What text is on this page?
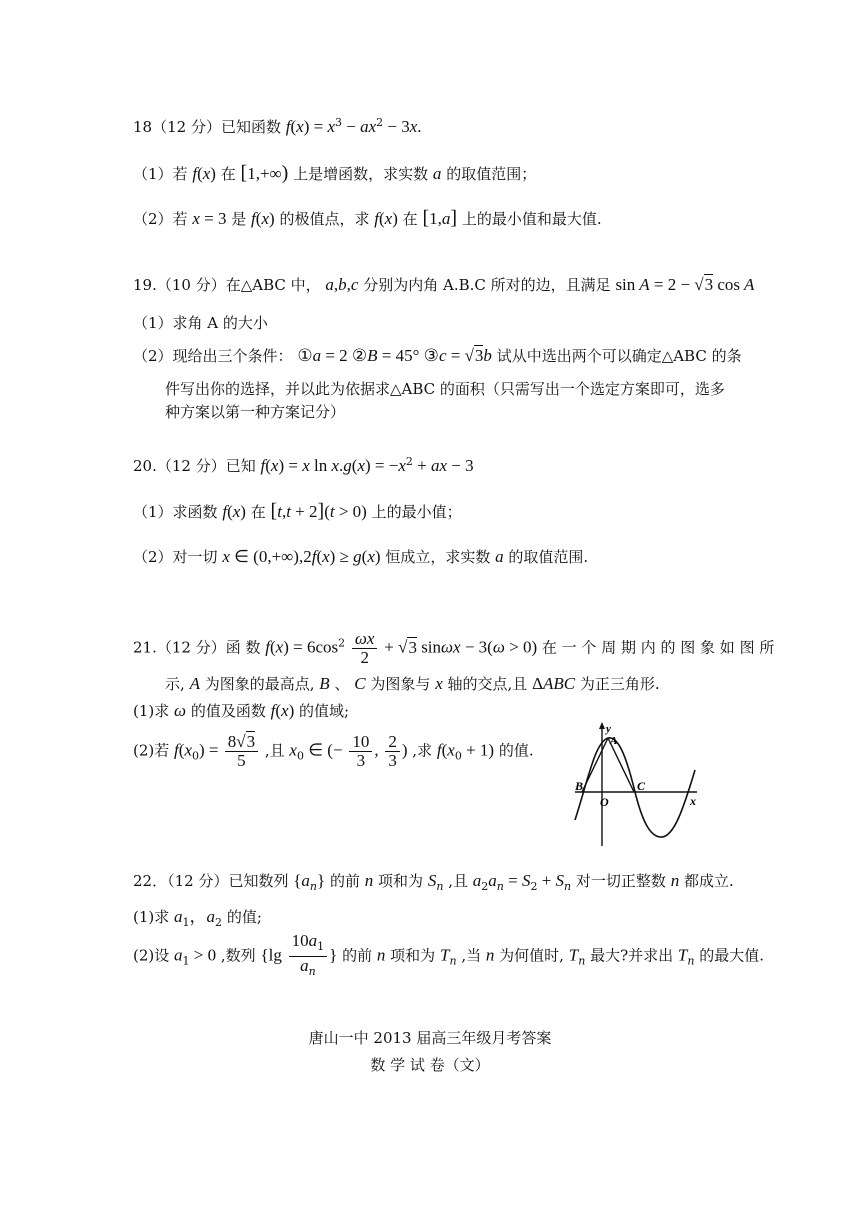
18（12 分）已知函数 $f(x) = x^3 - ax^2 - 3x$.
（1）若 f(x) 在 [1,+∞) 上是增函数，求实数 a 的取值范围；
（2）若 x = 3 是 f(x) 的极值点，求 f(x) 在 [1,a] 上的最小值和最大值.
19.（10 分）在△ABC 中， a,b,c 分别为内角 A.B.C 所对的边，且满足 sin A = 2 − √3 cos A
（1）求角 A 的大小
（2）现给出三个条件： ①a = 2 ②B = 45° ③c = √3b 试从中选出两个可以确定△ABC 的条
件写出你的选择，并以此为依据求△ABC 的面积（只需写出一个选定方案即可，选多
种方案以第一种方案记分）
20.（12 分）已知 f(x) = x $\ln x.g(x) = -x^2$ + ax − 3
（1）求函数 f(x) 在 [t,t + 2](t > 0) 上的最小值；
（2）对一切 x ∈ (0,+∞),2f(x) ≥ g(x) 恒成立，求实数 a 的取值范围.
21.（12 分）函 数 $f(x) = 6\cos^2 \frac{\omega x}{2} + √3$ sinωx − 3(ω > 0) 在 一 个 周 期 内 的 图 象 如 图 所
示, A 为图象的最高点, B 、 C 为图象与 x 轴的交点,且 ΔABC 为正三角形.
(1)求 ω 的值及函数 f(x) 的值域;
(2)若 $f(x_0) = \frac{8√3}{5}$ ,且 $x_0$ ∈ (− $\frac{10}{3}$ , $\frac{2}{3}$ ) ,求 $f(x_0 + 1)$ 的值.
y
A
B	C
O	x
22．（12 分）已知数列 $\{a_n\}$ 的前 n 项和为 $S_n$ ,且 $a_2a_n = S_2 + S_n$ 对一切正整数 n 都成立.
(1)求 $a_1$，$a_2$ 的值;
(2)设 $a_1 > 0$ ,数列 {$\lg \frac{10a_1}{a_n}$ } 的前 n 项和为 $T_n$ ,当 n 为何值时, $T_n$ 最大?并求出 $T_n$ 的最大值.
唐山一中 2013 届高三年级月考答案
数 学 试 卷（文）
